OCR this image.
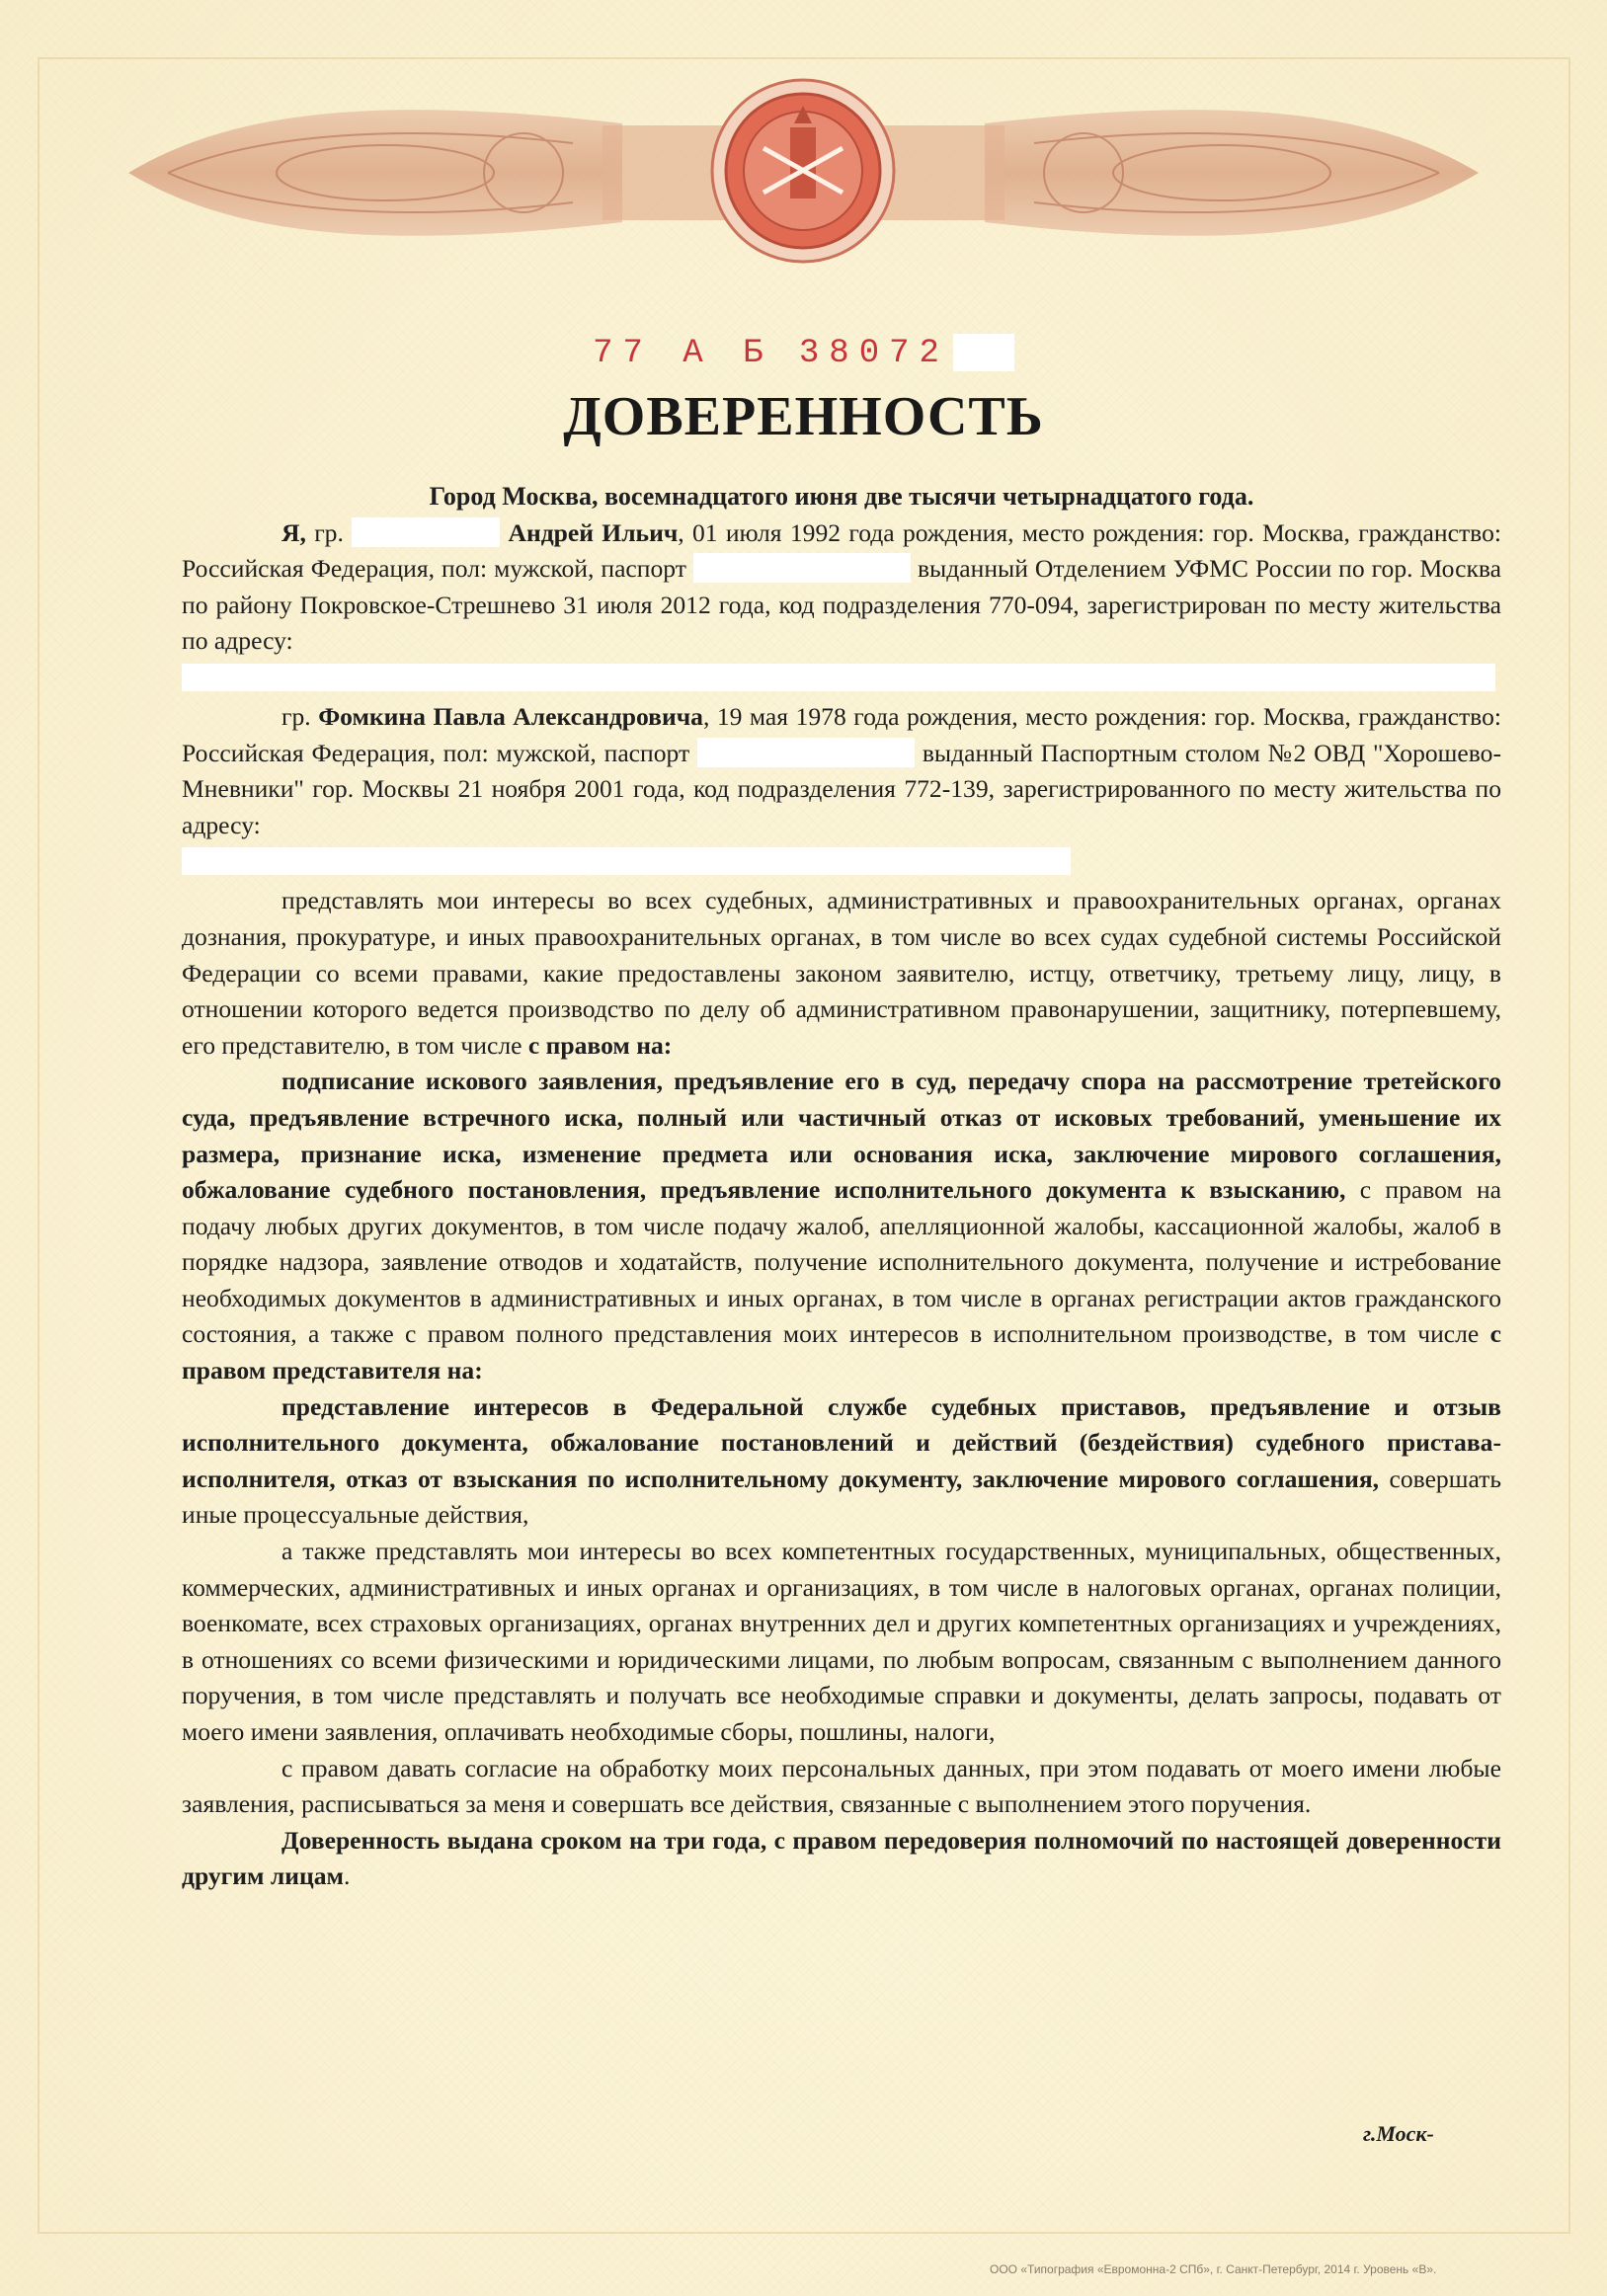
77 А Б 38072
ДОВЕРЕННОСТЬ

Город Москва, восемнадцатого июня две тысячи четырнадцатого года.

Я, гр.	Андрей Ильич, 01 июля 1992 года рождения, место рождения: гор. Москва, гражданство: Российская Федерация, пол: мужской, паспорт	выданный Отделением УФМС России по гор. Москва по району Покровское-Стрешнево 31 июля 2012 года, код подразделения 770-094, зарегистрирован по месту жительства по адресу:

гр. Фомкина Павла Александровича, 19 мая 1978 года рождения, место рождения: гор. Москва, гражданство: Российская Федерация, пол: мужской, паспорт	выданный Паспортным столом №2 ОВД "Хорошево-Мневники" гор. Москвы 21 ноября 2001 года, код подразделения 772-139, зарегистрированного по месту жительства по адресу:

представлять мои интересы во всех судебных, административных и правоохранительных органах, органах дознания, прокуратуре, и иных правоохранительных органах, в том числе во всех судах судебной системы Российской Федерации со всеми правами, какие предоставлены законом заявителю, истцу, ответчику, третьему лицу, лицу, в отношении которого ведется производство по делу об административном правонарушении, защитнику, потерпевшему, его представителю, в том числе с правом на:

подписание искового заявления, предъявление его в суд, передачу спора на рассмотрение третейского суда, предъявление встречного иска, полный или частичный отказ от исковых требований, уменьшение их размера, признание иска, изменение предмета или основания иска, заключение мирового соглашения, обжалование судебного постановления, предъявление исполнительного документа к взысканию, с правом на подачу любых других документов, в том числе подачу жалоб, апелляционной жалобы, кассационной жалобы, жалоб в порядке надзора, заявление отводов и ходатайств, получение исполнительного документа, получение и истребование необходимых документов в административных и иных органах, в том числе в органах регистрации актов гражданского состояния, а также с правом полного представления моих интересов в исполнительном производстве, в том числе с правом представителя на:

представление интересов в Федеральной службе судебных приставов, предъявление и отзыв исполнительного документа, обжалование постановлений и действий (бездействия) судебного пристава-исполнителя, отказ от взыскания по исполнительному документу, заключение мирового соглашения, совершать иные процессуальные действия,

а также представлять мои интересы во всех компетентных государственных, муниципальных, общественных, коммерческих, административных и иных органах и организациях, в том числе в налоговых органах, органах полиции, военкомате, всех страховых организациях, органах внутренних дел и других компетентных организациях и учреждениях, в отношениях со всеми физическими и юридическими лицами, по любым вопросам, связанным с выполнением данного поручения, в том числе представлять и получать все необходимые справки и документы, делать запросы, подавать от моего имени заявления, оплачивать необходимые сборы, пошлины, налоги,

с правом давать согласие на обработку моих персональных данных, при этом подавать от моего имени любые заявления, расписываться за меня и совершать все действия, связанные с выполнением этого поручения.

Доверенность выдана сроком на три года, с правом передоверия полномочий по настоящей доверенности другим лицам.

г.Моск-
ООО «Типография «Евромонна-2 СПб», г. Санкт-Петербург, 2014 г. Уровень «В».
